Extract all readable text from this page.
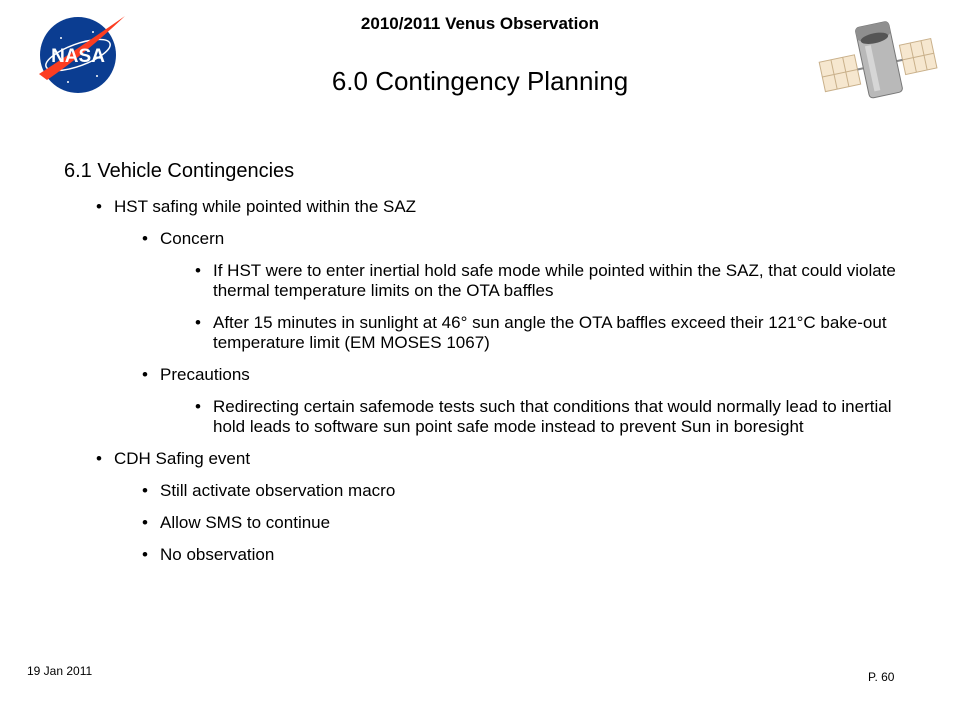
2010/2011 Venus Observation
6.0 Contingency Planning
NASA
6.1 Vehicle Contingencies
• HST safing while pointed within the SAZ
• Concern
• If HST were to enter inertial hold safe mode while pointed within the SAZ, that could violate thermal temperature limits on the OTA baffles
• After 15 minutes in sunlight at 46° sun angle the OTA baffles exceed their 121°C bake-out temperature limit (EM MOSES 1067)
• Precautions
• Redirecting certain safemode tests such that conditions that would normally lead to inertial hold leads to software sun point safe mode instead to prevent Sun in boresight
• CDH Safing event
• Still activate observation macro
• Allow SMS to continue
• No observation
19 Jan 2011	P. 60
